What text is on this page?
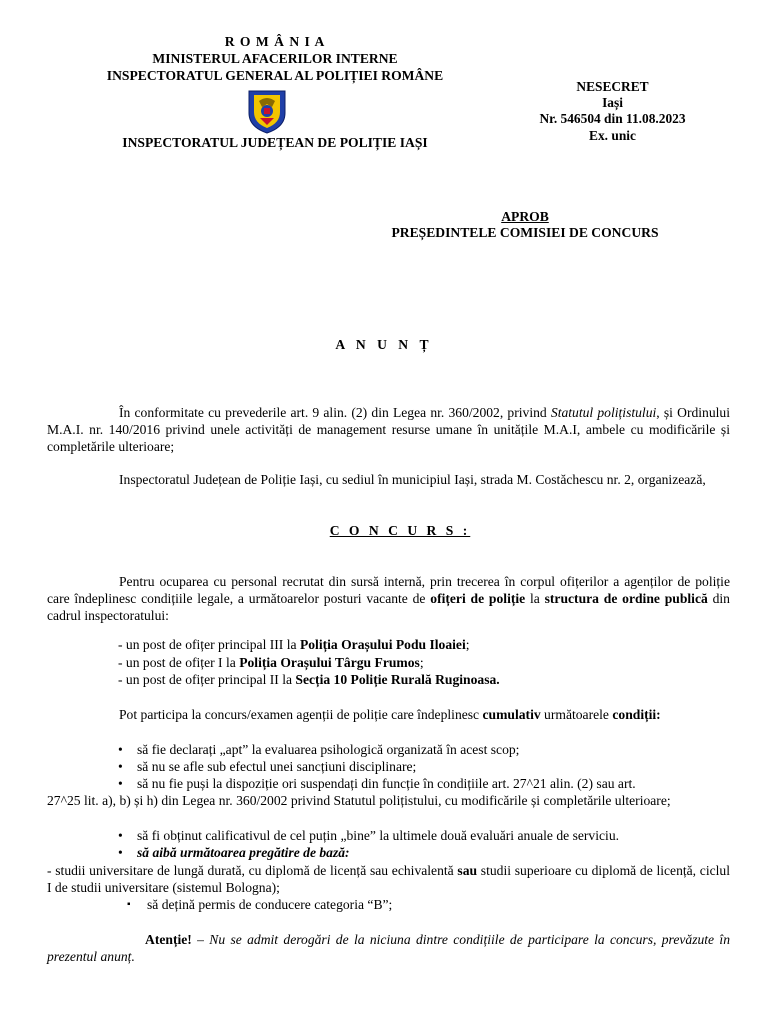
R O M Â N I A
MINISTERUL AFACERILOR INTERNE
INSPECTORATUL GENERAL AL POLIȚIEI ROMÂNE
INSPECTORATUL JUDEȚEAN DE POLIȚIE IAȘI
NESECRET
Iași
Nr. 546504 din 11.08.2023
Ex. unic
APROB
PREȘEDINTELE COMISIEI DE CONCURS
A N U N Ț
În conformitate cu prevederile art. 9 alin. (2) din Legea nr. 360/2002, privind Statutul polițistului, și Ordinului M.A.I. nr. 140/2016 privind unele activități de management resurse umane în unitățile M.A.I, ambele cu modificările și completările ulterioare;
Inspectoratul Județean de Poliție Iași, cu sediul în municipiul Iași, strada M. Costăchescu nr. 2, organizează,
C O N C U R S :
Pentru ocuparea cu personal recrutat din sursă internă, prin trecerea în corpul ofițerilor a agenților de poliție care îndeplinesc condițiile legale, a următoarelor posturi vacante de ofițeri de poliție la structura de ordine publică din cadrul inspectoratului:
- un post de ofițer principal III la Poliția Orașului Podu Iloaiei;
- un post de ofițer I la Poliția Orașului Târgu Frumos;
- un post de ofițer principal II la Secția 10 Poliție Rurală Ruginoasa.
Pot participa la concurs/examen agenții de poliție care îndeplinesc cumulativ următoarele condiții:
•	să fie declarați „apt” la evaluarea psihologică organizată în acest scop;
•	să nu se afle sub efectul unei sancțiuni disciplinare;
•	să nu fie puși la dispoziție ori suspendați din funcție în condițiile art. 27^21 alin. (2) sau art.
27^25 lit. a), b) și h) din Legea nr. 360/2002 privind Statutul polițistului, cu modificările și completările ulterioare;
•	să fi obținut calificativul de cel puțin „bine” la ultimele două evaluări anuale de serviciu.
•	să aibă următoarea pregătire de bază:
- studii universitare de lungă durată, cu diplomă de licență sau echivalentă sau studii superioare cu diplomă de licență, ciclul I de studii universitare (sistemul Bologna);
▪ să dețină permis de conducere categoria “B”;
Atenție! – Nu se admit derogări de la niciuna dintre condițiile de participare la concurs, prevăzute în prezentul anunț.
